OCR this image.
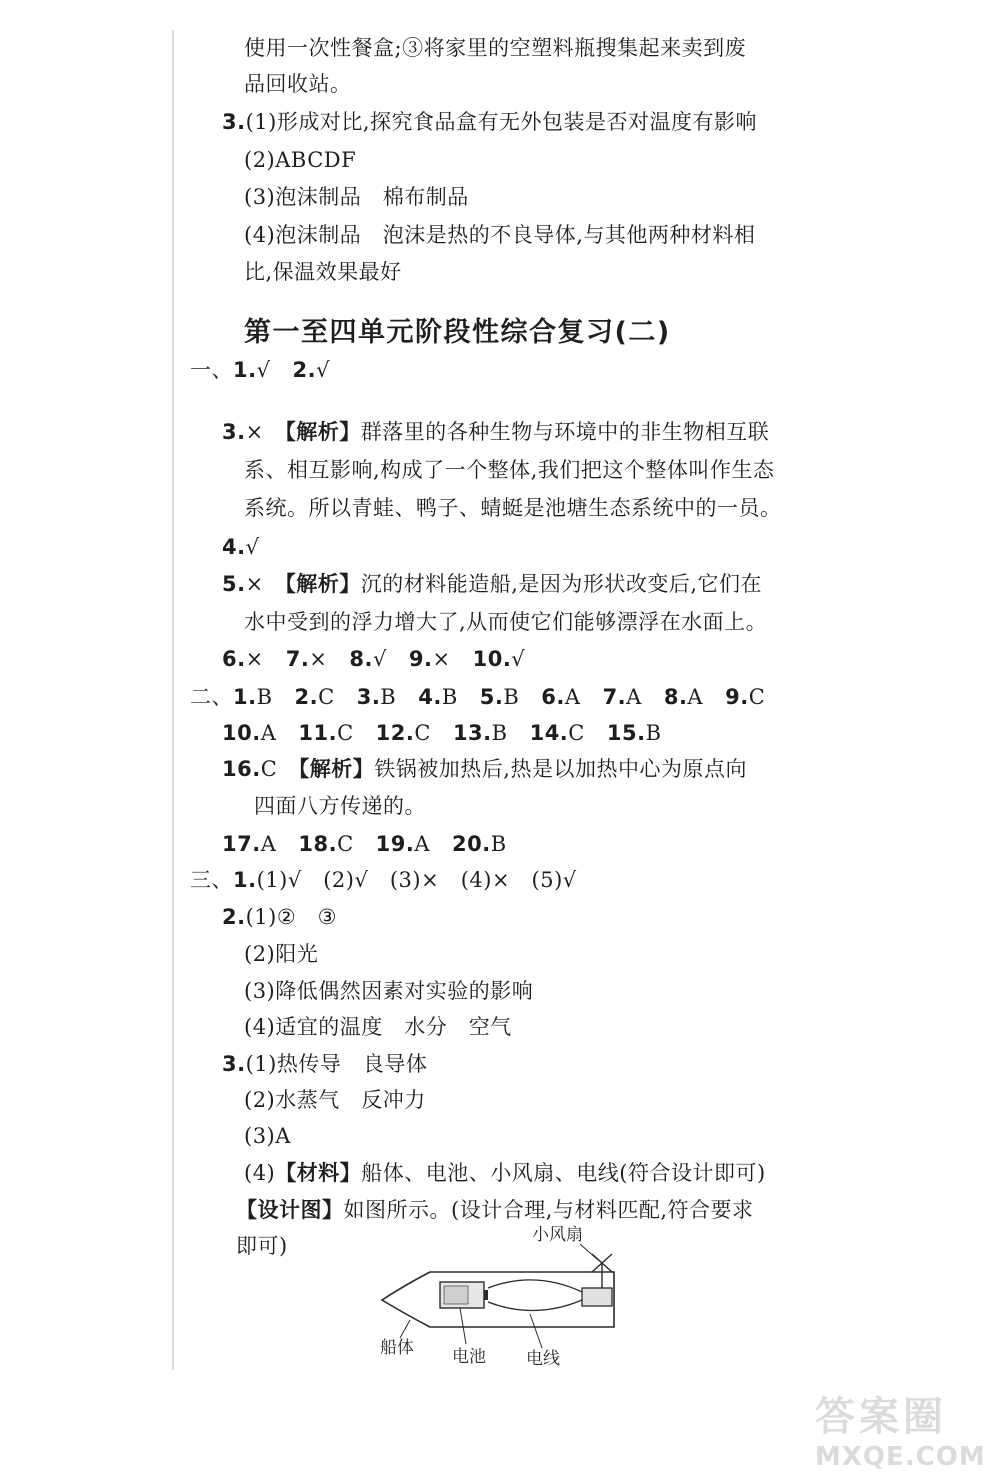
使用一次性餐盒;③将家里的空塑料瓶搜集起来卖到废
品回收站。
3.(1)形成对比,探究食品盒有无外包装是否对温度有影响
(2)ABCDF
(3)泡沫制品　棉布制品
(4)泡沫制品　泡沫是热的不良导体,与其他两种材料相
比,保温效果最好
第一至四单元阶段性综合复习(二)
一、1.√ 2.√
3.×　 【解析】群落里的各种生物与环境中的非生物相互联
系、相互影响,构成了一个整体,我们把这个整体叫作生态
系统。所以青蛙、鸭子、蜻蜓是池塘生态系统中的一员。
4.√
5.×　 【解析】沉的材料能造船,是因为形状改变后,它们在
水中受到的浮力增大了,从而使它们能够漂浮在水面上。
6.× 7.× 8.√ 9.× 10.√
二、1.B 2.C 3.B 4.B 5.B 6.A 7.A 8.A 9.C
10.A 11.C 12.C 13.B 14.C 15.B
16.C　 【解析】铁锅被加热后,热是以加热中心为原点向
四面八方传递的。
17.A 18.C 19.A 20.B
三、1.(1)√　(2)√　(3)×　(4)×　(5)√
2.(1)②　③
(2)阳光
(3)降低偶然因素对实验的影响
(4)适宜的温度　水分　空气
3.(1)热传导　良导体
(2)水蒸气　反冲力
(3)A
(4)【材料】船体、电池、小风扇、电线(符合设计即可)
【设计图】如图所示。(设计合理,与材料匹配,符合要求
即可)	小风扇
船体 电池 电线
答案圈
MXQE.COM
